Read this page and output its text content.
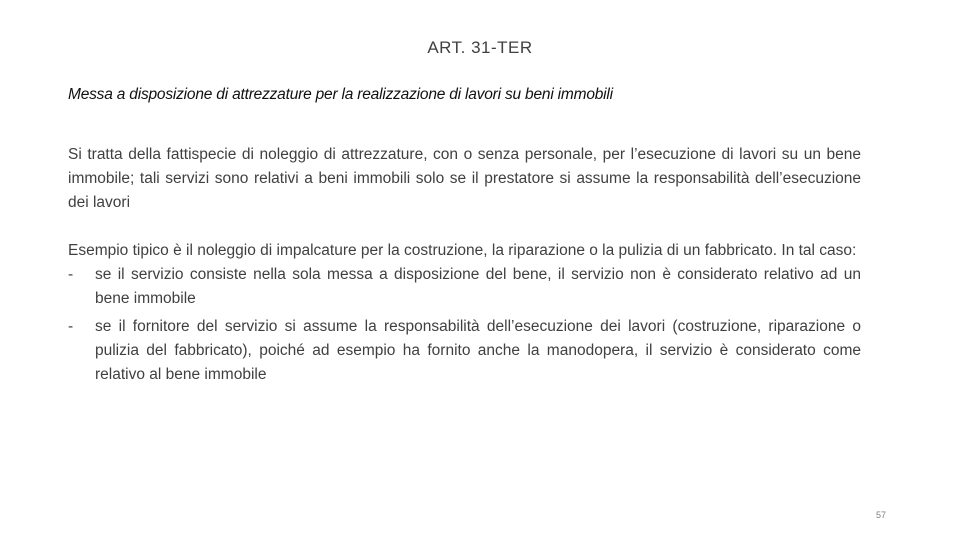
ART. 31-TER
Messa a disposizione di attrezzature per la realizzazione di lavori su beni immobili

Si tratta della fattispecie di noleggio di attrezzature, con o senza personale, per l’esecuzione di lavori su un bene immobile; tali servizi sono relativi a beni immobili solo se il prestatore si assume la responsabilità dell’esecuzione dei lavori

Esempio tipico è il noleggio di impalcature per la costruzione, la riparazione o la pulizia di un fabbricato. In tal caso:

- se il servizio consiste nella sola messa a disposizione del bene, il servizio non è considerato relativo ad un bene immobile
- se il fornitore del servizio si assume la responsabilità dell’esecuzione dei lavori (costruzione, riparazione o pulizia del fabbricato), poiché ad esempio ha fornito anche la manodopera, il servizio è considerato come relativo al bene immobile
57
